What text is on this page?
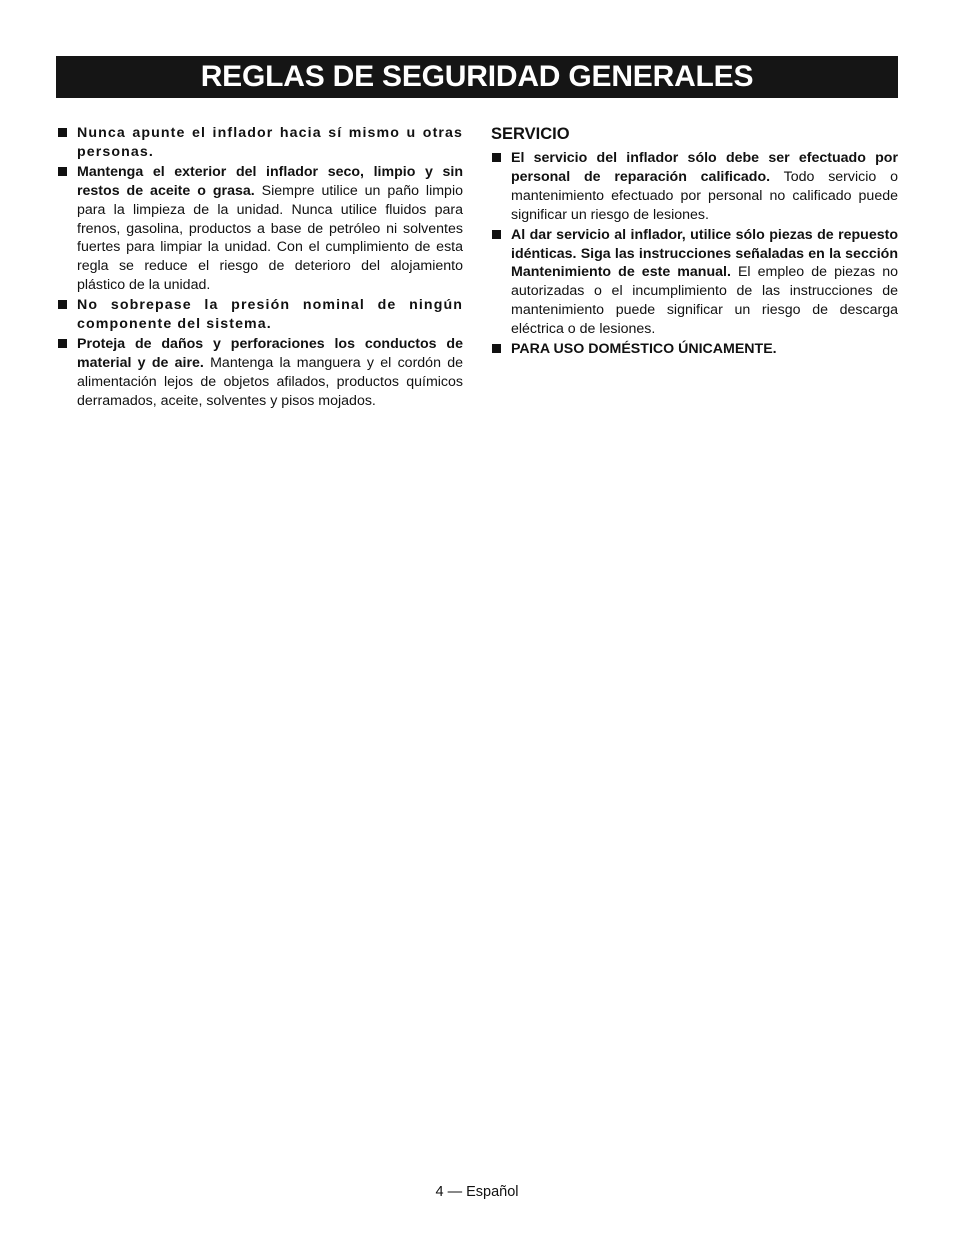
REGLAS DE SEGURIDAD GENERALES
Nunca apunte el inflador hacia sí mismo u otras personas.
Mantenga el exterior del inflador seco, limpio y sin restos de aceite o grasa. Siempre utilice un paño limpio para la limpieza de la unidad. Nunca utilice fluidos para frenos, gasolina, productos a base de petróleo ni solventes fuertes para limpiar la unidad. Con el cumplimiento de esta regla se reduce el riesgo de deterioro del alojamiento plástico de la unidad.
No sobrepase la presión nominal de ningún componente del sistema.
Proteja de daños y perforaciones los conductos de material y de aire. Mantenga la manguera y el cordón de alimentación lejos de objetos afilados, productos químicos derramados, aceite, solventes y pisos mojados.
SERVICIO
El servicio del inflador sólo debe ser efectuado por personal de reparación calificado. Todo servicio o mantenimiento efectuado por personal no calificado puede significar un riesgo de lesiones.
Al dar servicio al inflador, utilice sólo piezas de repuesto idénticas. Siga las instrucciones señaladas en la sección Mantenimiento de este manual. El empleo de piezas no autorizadas o el incumplimiento de las instrucciones de mantenimiento puede significar un riesgo de descarga eléctrica o de lesiones.
PARA USO DOMÉSTICO ÚNICAMENTE.
4 — Español
